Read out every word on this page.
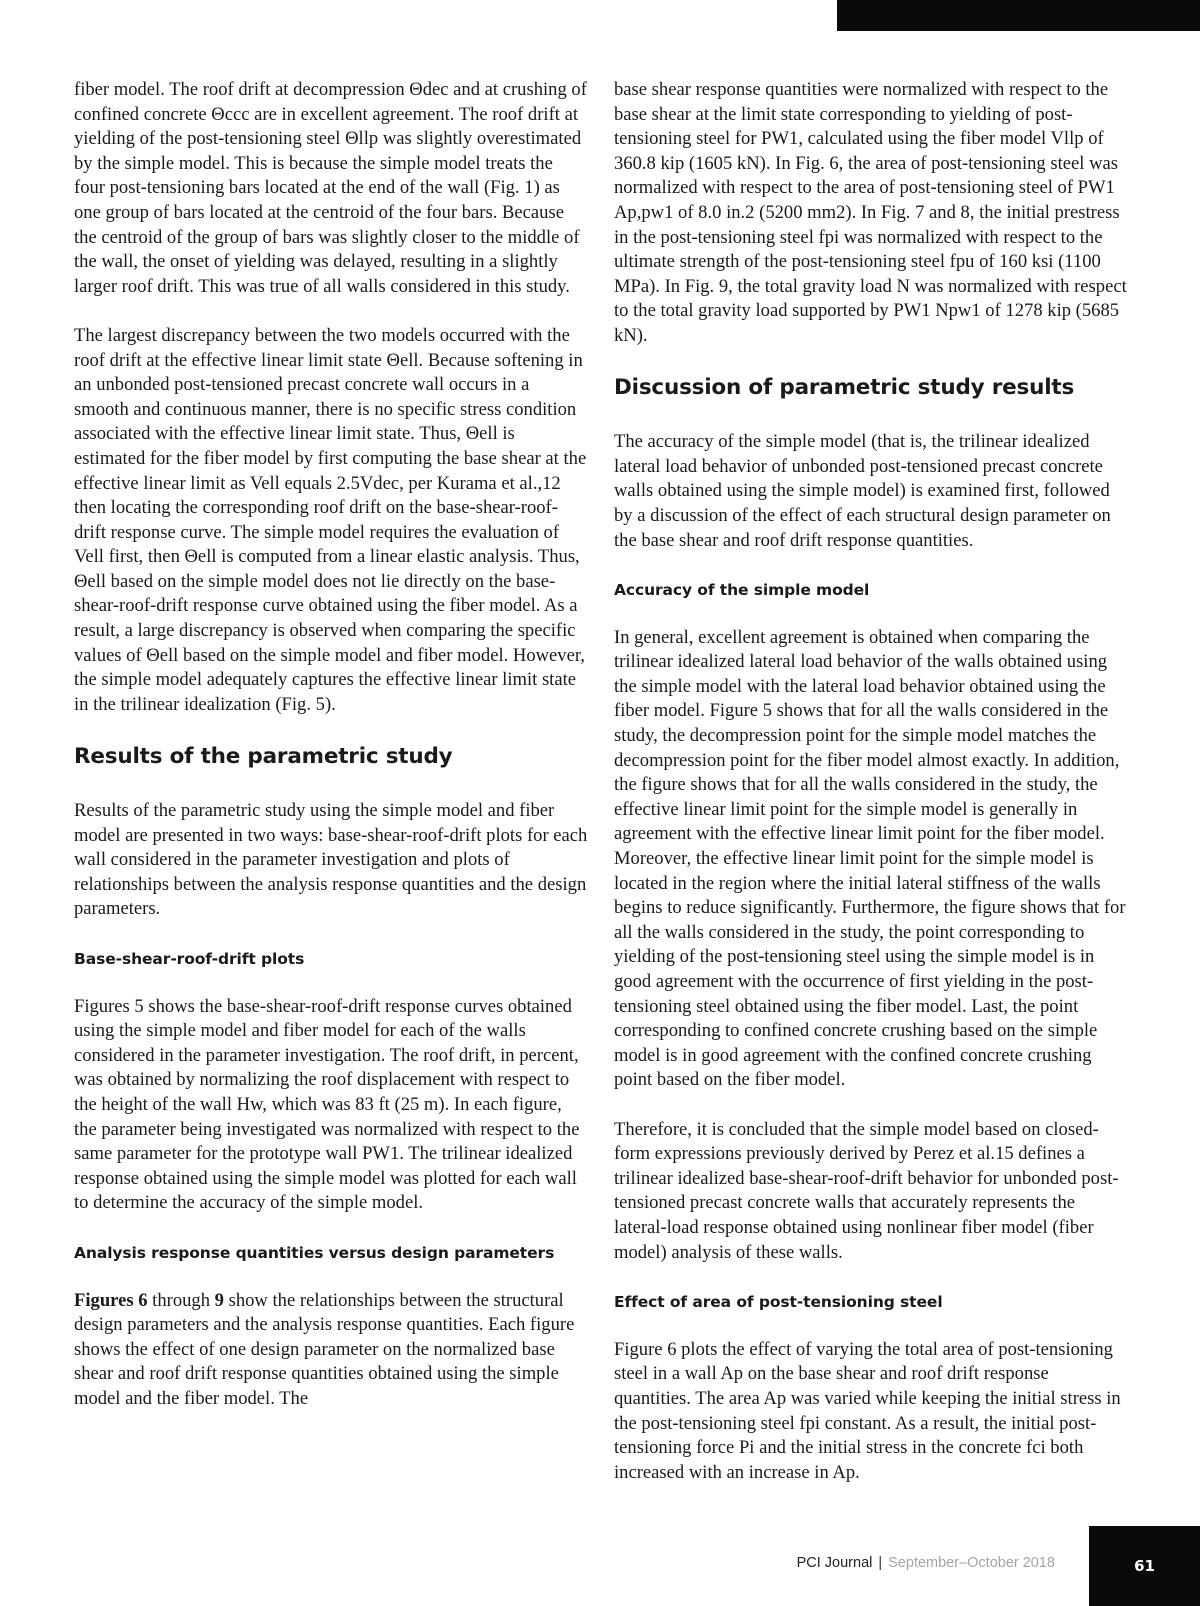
fiber model. The roof drift at decompression Θdec and at crushing of confined concrete Θccc are in excellent agreement. The roof drift at yielding of the post-tensioning steel Θllp was slightly overestimated by the simple model. This is because the simple model treats the four post-tensioning bars located at the end of the wall (Fig. 1) as one group of bars located at the centroid of the four bars. Because the centroid of the group of bars was slightly closer to the middle of the wall, the onset of yielding was delayed, resulting in a slightly larger roof drift. This was true of all walls considered in this study.

The largest discrepancy between the two models occurred with the roof drift at the effective linear limit state Θell. Because softening in an unbonded post-tensioned precast concrete wall occurs in a smooth and continuous manner, there is no specific stress condition associated with the effective linear limit state. Thus, Θell is estimated for the fiber model by first computing the base shear at the effective linear limit as Vell equals 2.5Vdec, per Kurama et al.,12 then locating the corresponding roof drift on the base-shear-roof-drift response curve. The simple model requires the evaluation of Vell first, then Θell is computed from a linear elastic analysis. Thus, Θell based on the simple model does not lie directly on the base-shear-roof-drift response curve obtained using the fiber model. As a result, a large discrepancy is observed when comparing the specific values of Θell based on the simple model and fiber model. However, the simple model adequately captures the effective linear limit state in the trilinear idealization (Fig. 5).

Results of the parametric study

Results of the parametric study using the simple model and fiber model are presented in two ways: base-shear-roof-drift plots for each wall considered in the parameter investigation and plots of relationships between the analysis response quantities and the design parameters.

Base-shear-roof-drift plots

Figures 5 shows the base-shear-roof-drift response curves obtained using the simple model and fiber model for each of the walls considered in the parameter investigation. The roof drift, in percent, was obtained by normalizing the roof displacement with respect to the height of the wall Hw, which was 83 ft (25 m). In each figure, the parameter being investigated was normalized with respect to the same parameter for the prototype wall PW1. The trilinear idealized response obtained using the simple model was plotted for each wall to determine the accuracy of the simple model.

Analysis response quantities versus design parameters

Figures 6 through 9 show the relationships between the structural design parameters and the analysis response quantities. Each figure shows the effect of one design parameter on the normalized base shear and roof drift response quantities obtained using the simple model and the fiber model. The

base shear response quantities were normalized with respect to the base shear at the limit state corresponding to yielding of post-tensioning steel for PW1, calculated using the fiber model Vllp of 360.8 kip (1605 kN). In Fig. 6, the area of post-tensioning steel was normalized with respect to the area of post-tensioning steel of PW1 Ap,pw1 of 8.0 in.2 (5200 mm2). In Fig. 7 and 8, the initial prestress in the post-tensioning steel fpi was normalized with respect to the ultimate strength of the post-tensioning steel fpu of 160 ksi (1100 MPa). In Fig. 9, the total gravity load N was normalized with respect to the total gravity load supported by PW1 Npw1 of 1278 kip (5685 kN).

Discussion of parametric study results

The accuracy of the simple model (that is, the trilinear idealized lateral load behavior of unbonded post-tensioned precast concrete walls obtained using the simple model) is examined first, followed by a discussion of the effect of each structural design parameter on the base shear and roof drift response quantities.

Accuracy of the simple model

In general, excellent agreement is obtained when comparing the trilinear idealized lateral load behavior of the walls obtained using the simple model with the lateral load behavior obtained using the fiber model. Figure 5 shows that for all the walls considered in the study, the decompression point for the simple model matches the decompression point for the fiber model almost exactly. In addition, the figure shows that for all the walls considered in the study, the effective linear limit point for the simple model is generally in agreement with the effective linear limit point for the fiber model. Moreover, the effective linear limit point for the simple model is located in the region where the initial lateral stiffness of the walls begins to reduce significantly. Furthermore, the figure shows that for all the walls considered in the study, the point corresponding to yielding of the post-tensioning steel using the simple model is in good agreement with the occurrence of first yielding in the post-tensioning steel obtained using the fiber model. Last, the point corresponding to confined concrete crushing based on the simple model is in good agreement with the confined concrete crushing point based on the fiber model.

Therefore, it is concluded that the simple model based on closed-form expressions previously derived by Perez et al.15 defines a trilinear idealized base-shear-roof-drift behavior for unbonded post-tensioned precast concrete walls that accurately represents the lateral-load response obtained using nonlinear fiber model (fiber model) analysis of these walls.

Effect of area of post-tensioning steel

Figure 6 plots the effect of varying the total area of post-tensioning steel in a wall Ap on the base shear and roof drift response quantities. The area Ap was varied while keeping the initial stress in the post-tensioning steel fpi constant. As a result, the initial post-tensioning force Pi and the initial stress in the concrete fci both increased with an increase in Ap.

PCI Journal | September–October 2018	61
